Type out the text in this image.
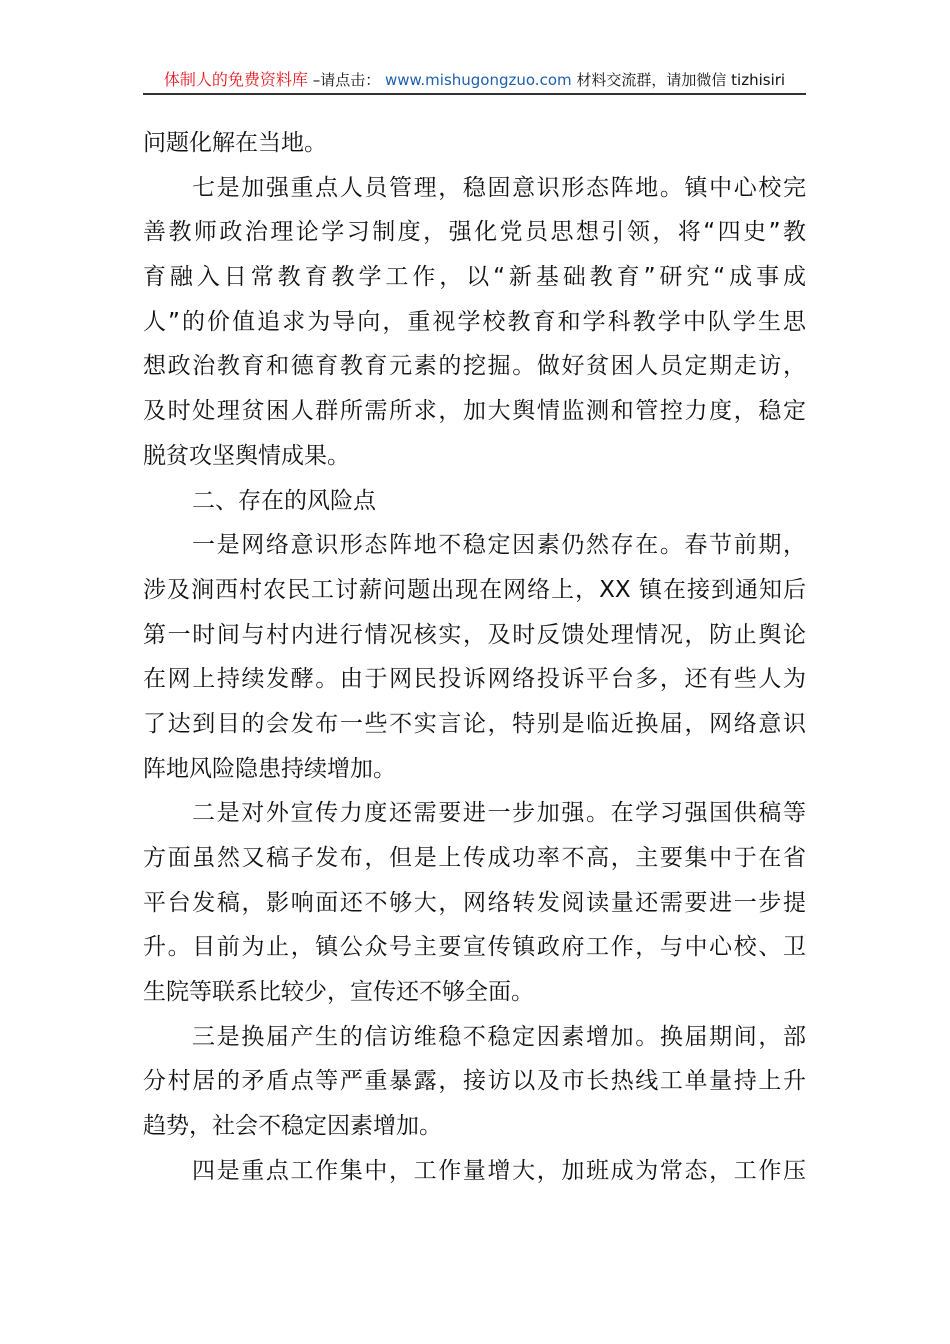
体制人的免费资料库 –请点击： www.mishugongzuo.com 材料交流群，请加微信 tizhisiri
问题化解在当地。
七是加强重点人员管理，稳固意识形态阵地。镇中心校完
善教师政治理论学习制度，强化党员思想引领，将“四史”教
育融入日常教育教学工作，以“新基础教育”研究“成事成
人”的价值追求为导向，重视学校教育和学科教学中队学生思
想政治教育和德育教育元素的挖掘。做好贫困人员定期走访，
及时处理贫困人群所需所求，加大舆情监测和管控力度，稳定
脱贫攻坚舆情成果。
二、存在的风险点
一是网络意识形态阵地不稳定因素仍然存在。春节前期，
涉及涧西村农民工讨薪问题出现在网络上，XX 镇在接到通知后
第一时间与村内进行情况核实，及时反馈处理情况，防止舆论
在网上持续发酵。由于网民投诉网络投诉平台多，还有些人为
了达到目的会发布一些不实言论，特别是临近换届，网络意识
阵地风险隐患持续增加。
二是对外宣传力度还需要进一步加强。在学习强国供稿等
方面虽然又稿子发布，但是上传成功率不高，主要集中于在省
平台发稿，影响面还不够大，网络转发阅读量还需要进一步提
升。目前为止，镇公众号主要宣传镇政府工作，与中心校、卫
生院等联系比较少，宣传还不够全面。
三是换届产生的信访维稳不稳定因素增加。换届期间，部
分村居的矛盾点等严重暴露，接访以及市长热线工单量持上升
趋势，社会不稳定因素增加。
四是重点工作集中，工作量增大，加班成为常态，工作压
